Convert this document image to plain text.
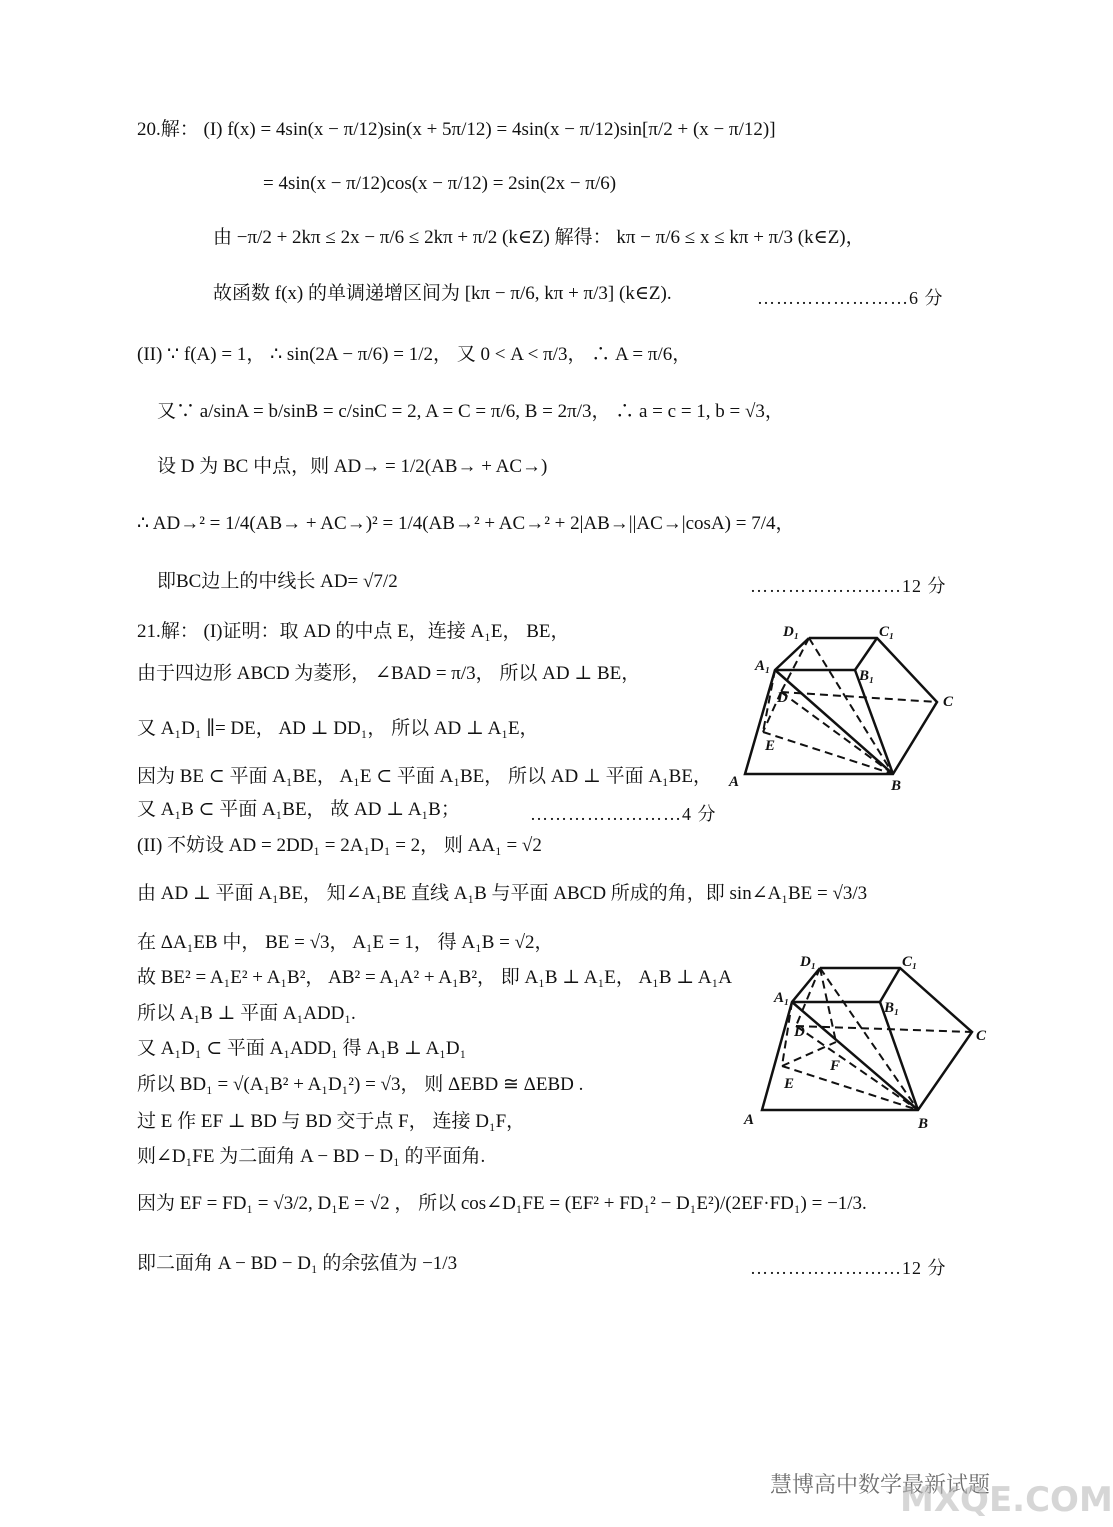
20.解： (I) f(x) = 4sin(x − π/12)sin(x + 5π/12) = 4sin(x − π/12)sin[π/2 + (x − π/12)]
= 4sin(x − π/12)cos(x − π/12) = 2sin(2x − π/6)
由 −π/2 + 2kπ ≤ 2x − π/6 ≤ 2kπ + π/2 (k∈Z) 解得： kπ − π/6 ≤ x ≤ kπ + π/3 (k∈Z)，
故函数 f(x) 的单调递增区间为 [kπ − π/6, kπ + π/3] (k∈Z).	……………………6 分
(II) ∵ f(A) = 1， ∴ sin(2A − π/6) = 1/2， 又 0 < A < π/3， ∴ A = π/6，
又∵ a/sinA = b/sinB = c/sinC = 2, A = C = π/6, B = 2π/3， ∴ a = c = 1, b = √3，
设 D 为 BC 中点，则 AD→ = 1/2(AB→ + AC→)
∴ AD→² = 1/4(AB→ + AC→)² = 1/4(AB→² + AC→² + 2|AB→||AC→|cosA) = 7/4，
即BC边上的中线长 AD= √7/2	……………………12 分
21.解： (I)证明：取 AD 的中点 E，连接 A₁E， BE，
由于四边形 ABCD 为菱形， ∠BAD = π/3， 所以 AD ⊥ BE，
又 A₁D₁ ∥= DE， AD ⊥ DD₁， 所以 AD ⊥ A₁E，
因为 BE ⊂ 平面 A₁BE， A₁E ⊂ 平面 A₁BE， 所以 AD ⊥ 平面 A₁BE，
又 A₁B ⊂ 平面 A₁BE， 故 AD ⊥ A₁B；	……………………4 分
(II) 不妨设 AD = 2DD₁ = 2A₁D₁ = 2， 则 AA₁ = √2
由 AD ⊥ 平面 A₁BE， 知∠A₁BE 直线 A₁B 与平面 ABCD 所成的角，即 sin∠A₁BE = √3/3
在 ΔA₁EB 中， BE = √3， A₁E = 1， 得 A₁B = √2，
故 BE² = A₁E² + A₁B²， AB² = A₁A² + A₁B²， 即 A₁B ⊥ A₁E， A₁B ⊥ A₁A
所以 A₁B ⊥ 平面 A₁ADD₁.
又 A₁D₁ ⊂ 平面 A₁ADD₁ 得 A₁B ⊥ A₁D₁
所以 BD₁ = √(A₁B² + A₁D₁²) = √3， 则 ΔEBD ≅ ΔEBD .
过 E 作 EF ⊥ BD 与 BD 交于点 F， 连接 D₁F，
则∠D₁FE 为二面角 A − BD − D₁ 的平面角.
因为 EF = FD₁ = √3/2, D₁E = √2 ， 所以 cos∠D₁FE = (EF² + FD₁² − D₁E²)/(2EF·FD₁) = −1/3.
即二面角 A − BD − D₁ 的余弦值为 −1/3	……………………12 分
D₁	C₁
A₁
B₁
D	C
E
A	B
D₁	C₁
A₁
B₁
D	C
F
E
A	B
慧博高中数学最新试题
MXQE.COM
